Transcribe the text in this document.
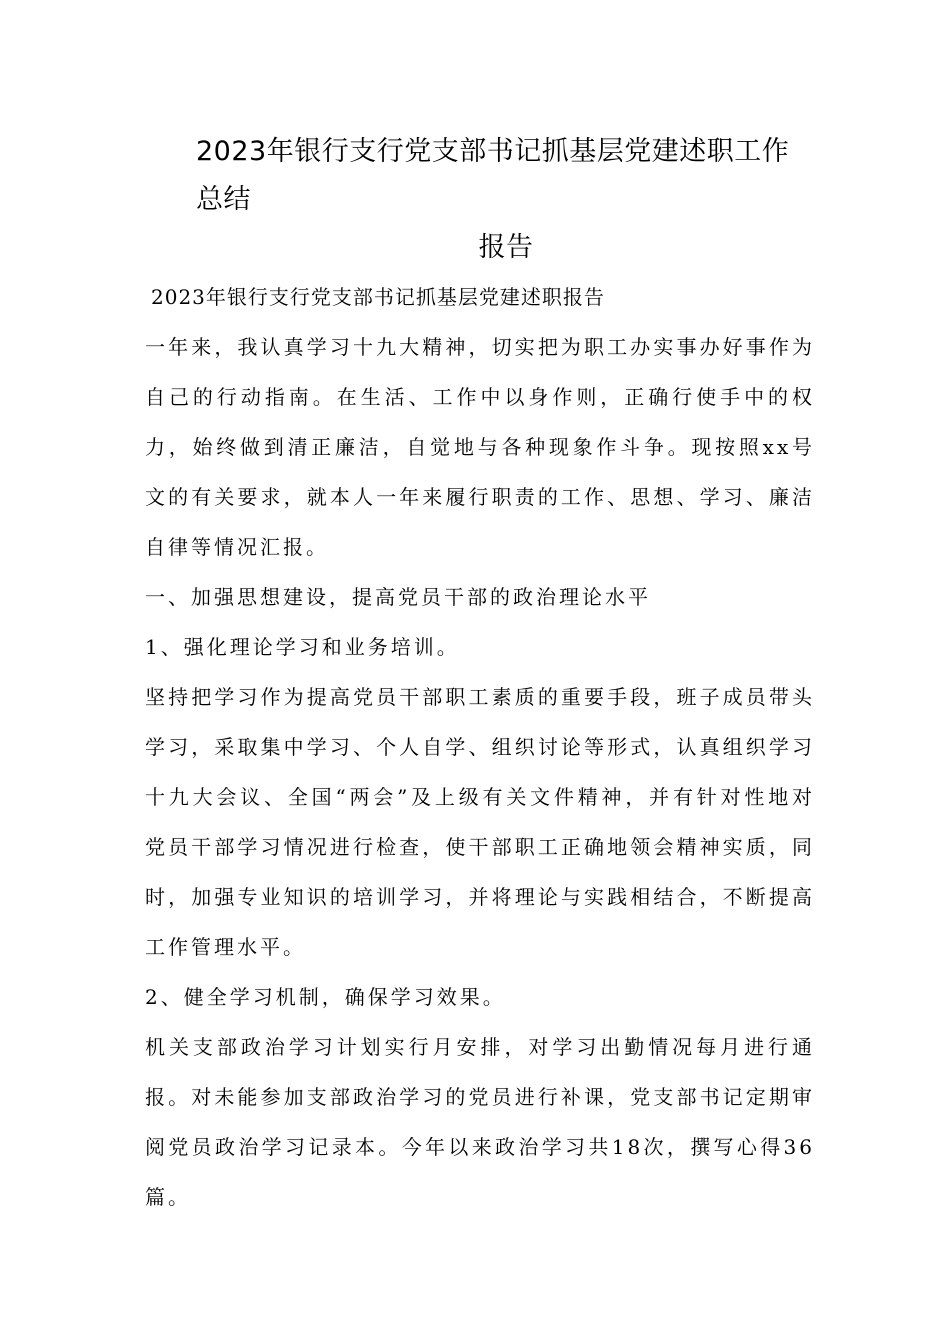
2023年银行支行党支部书记抓基层党建述职工作总结
报告

2023年银行支行党支部书记抓基层党建述职报告

一年来，我认真学习十九大精神，切实把为职工办实事办好事作为自己的行动指南。在生活、工作中以身作则，正确行使手中的权力，始终做到清正廉洁，自觉地与各种现象作斗争。现按照xx号文的有关要求，就本人一年来履行职责的工作、思想、学习、廉洁自律等情况汇报。

一、加强思想建设，提高党员干部的政治理论水平

1、强化理论学习和业务培训。

坚持把学习作为提高党员干部职工素质的重要手段，班子成员带头学习，采取集中学习、个人自学、组织讨论等形式，认真组织学习十九大会议、全国“两会”及上级有关文件精神，并有针对性地对党员干部学习情况进行检查，使干部职工正确地领会精神实质，同时，加强专业知识的培训学习，并将理论与实践相结合，不断提高工作管理水平。

2、健全学习机制，确保学习效果。

机关支部政治学习计划实行月安排，对学习出勤情况每月进行通报。对未能参加支部政治学习的党员进行补课，党支部书记定期审阅党员政治学习记录本。今年以来政治学习共18次，撰写心得36篇。
